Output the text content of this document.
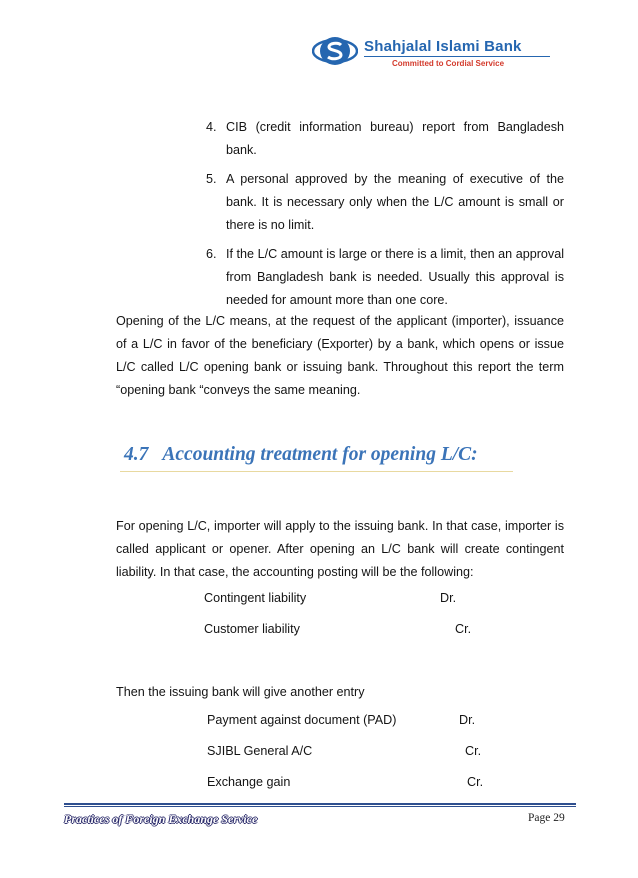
Shahjalal Islami Bank
Committed to Cordial Service
4. CIB (credit information bureau) report from Bangladesh bank.
5. A personal approved by the meaning of executive of the bank. It is necessary only when the L/C amount is small or there is no limit.
6. If the L/C amount is large or there is a limit, then an approval from Bangladesh bank is needed. Usually this approval is needed for amount more than one core.

Opening of the L/C means, at the request of the applicant (importer), issuance of a L/C in favor of the beneficiary (Exporter) by a bank, which opens or issue L/C called L/C opening bank or issuing bank. Throughout this report the term “opening bank “conveys the same meaning.

4.7 Accounting treatment for opening L/C:

For opening L/C, importer will apply to the issuing bank. In that case, importer is called applicant or opener. After opening an L/C bank will create contingent liability. In that case, the accounting posting will be the following:

Contingent liability	Dr.
Customer liability	Cr.

Then the issuing bank will give another entry

Payment against document (PAD)	Dr.
SJIBL General A/C	Cr.
Exchange gain	Cr.
Practices of Foreign Exchange Service	Page 29
